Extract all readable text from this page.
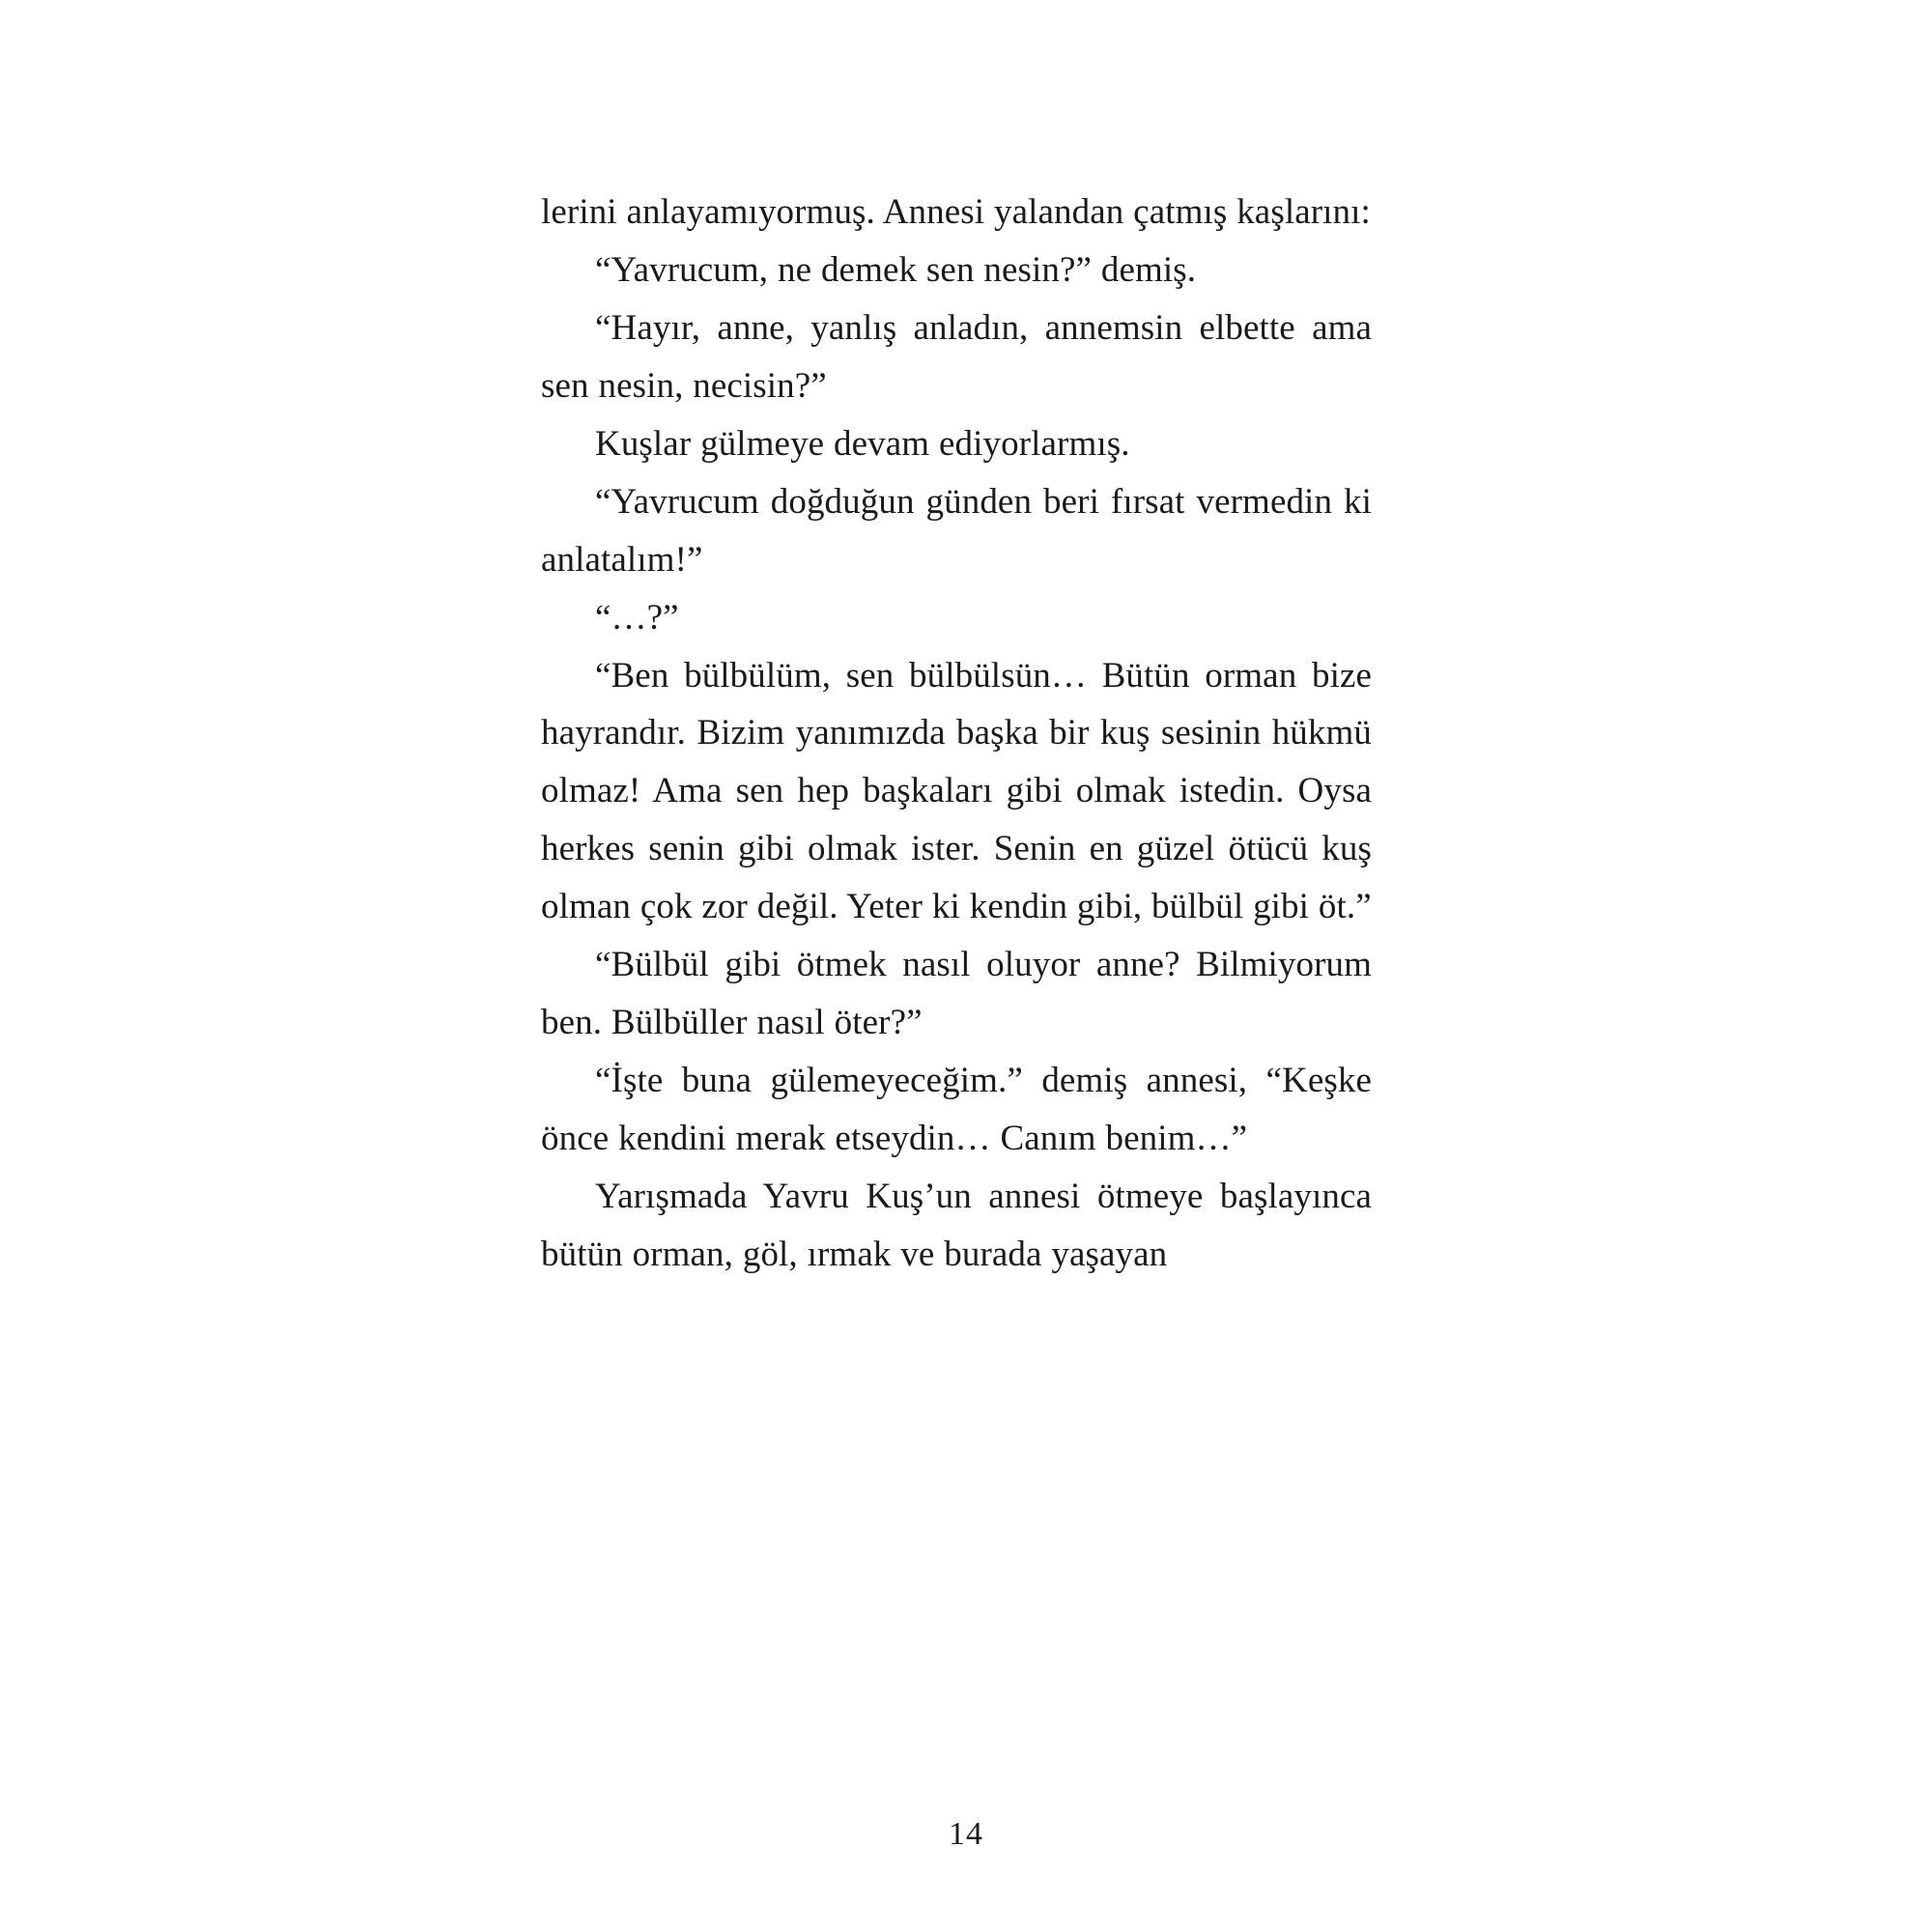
lerini anlayamıyormuş. Annesi yalandan çatmış kaşlarını:

“Yavrucum, ne demek sen nesin?” demiş.

“Hayır, anne, yanlış anladın, annemsin elbette ama sen nesin, necisin?”

Kuşlar gülmeye devam ediyorlarmış.

“Yavrucum doğduğun günden beri fırsat vermedin ki anlatalım!”

“…?”

“Ben bülbülüm, sen bülbülsün… Bütün orman bize hayrandır. Bizim yanımızda başka bir kuş sesinin hükmü olmaz! Ama sen hep başkaları gibi olmak istedin. Oysa herkes senin gibi olmak ister. Senin en güzel ötücü kuş olman çok zor değil. Yeter ki kendin gibi, bülbül gibi öt.”

“Bülbül gibi ötmek nasıl oluyor anne? Bilmiyorum ben. Bülbüller nasıl öter?”

“İşte buna gülemeyeceğim.” demiş annesi, “Keşke önce kendini merak etseydin… Canım benim…”

Yarışmada Yavru Kuş’un annesi ötmeye başlayınca bütün orman, göl, ırmak ve burada yaşayan

14
